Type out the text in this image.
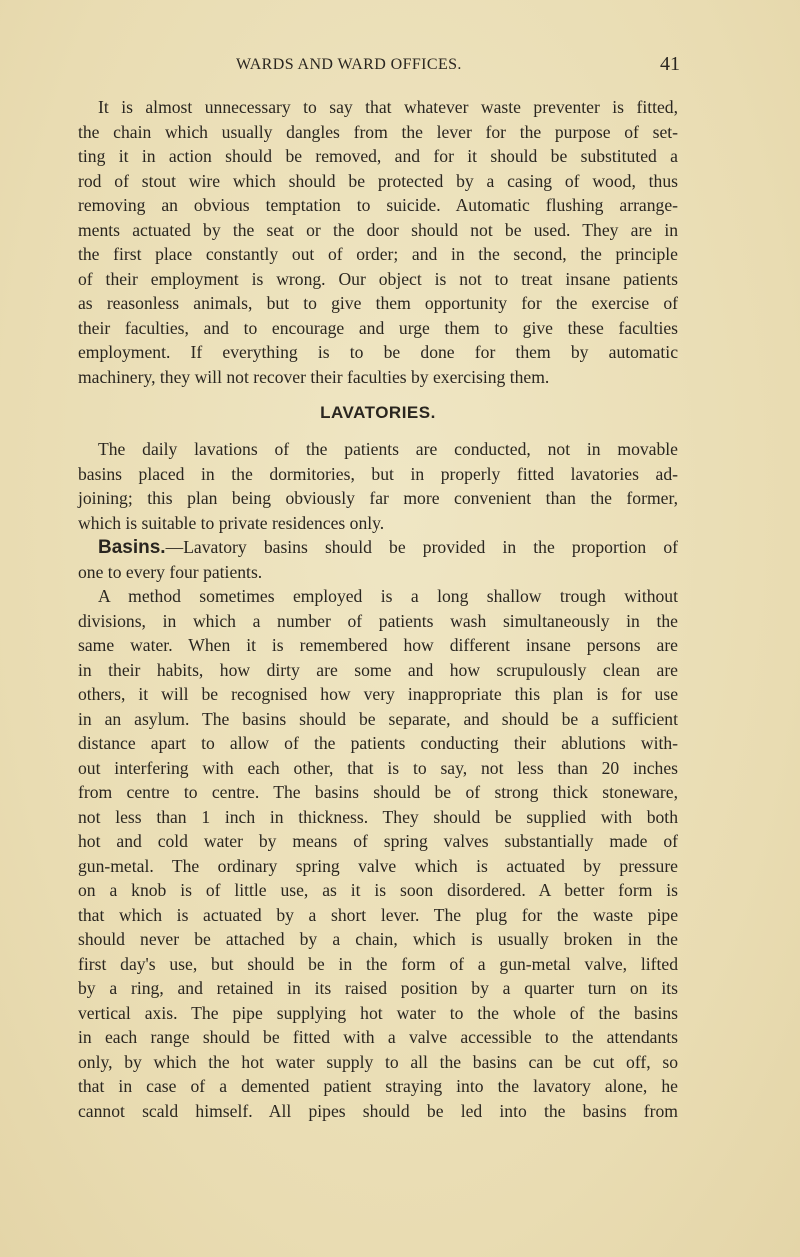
WARDS AND WARD OFFICES.	41
It is almost unnecessary to say that whatever waste preventer is fitted,
the chain which usually dangles from the lever for the purpose of set-
ting it in action should be removed, and for it should be substituted a
rod of stout wire which should be protected by a casing of wood, thus
removing an obvious temptation to suicide. Automatic flushing arrange-
ments actuated by the seat or the door should not be used. They are in
the first place constantly out of order; and in the second, the principle
of their employment is wrong. Our object is not to treat insane patients
as reasonless animals, but to give them opportunity for the exercise of
their faculties, and to encourage and urge them to give these faculties
employment. If everything is to be done for them by automatic
machinery, they will not recover their faculties by exercising them.
LAVATORIES.
The daily lavations of the patients are conducted, not in movable
basins placed in the dormitories, but in properly fitted lavatories ad-
joining; this plan being obviously far more convenient than the former,
which is suitable to private residences only.
Basins.—Lavatory basins should be provided in the proportion of
one to every four patients.
A method sometimes employed is a long shallow trough without
divisions, in which a number of patients wash simultaneously in the
same water. When it is remembered how different insane persons are
in their habits, how dirty are some and how scrupulously clean are
others, it will be recognised how very inappropriate this plan is for use
in an asylum. The basins should be separate, and should be a sufficient
distance apart to allow of the patients conducting their ablutions with-
out interfering with each other, that is to say, not less than 20 inches
from centre to centre. The basins should be of strong thick stoneware,
not less than 1 inch in thickness. They should be supplied with both
hot and cold water by means of spring valves substantially made of
gun-metal. The ordinary spring valve which is actuated by pressure
on a knob is of little use, as it is soon disordered. A better form is
that which is actuated by a short lever. The plug for the waste pipe
should never be attached by a chain, which is usually broken in the
first day's use, but should be in the form of a gun-metal valve, lifted
by a ring, and retained in its raised position by a quarter turn on its
vertical axis. The pipe supplying hot water to the whole of the basins
in each range should be fitted with a valve accessible to the attendants
only, by which the hot water supply to all the basins can be cut off, so
that in case of a demented patient straying into the lavatory alone, he
cannot scald himself. All pipes should be led into the basins from
